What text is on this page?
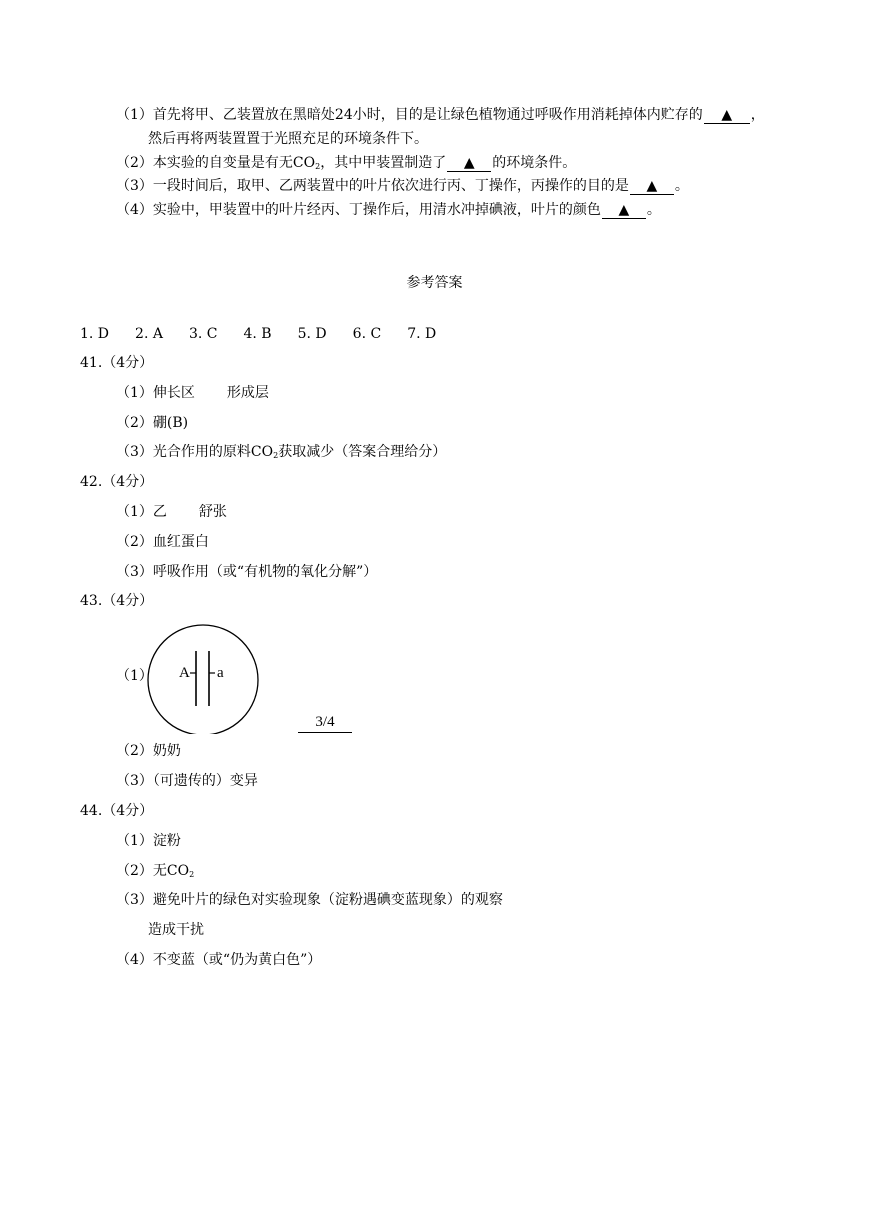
（1）首先将甲、乙装置放在黑暗处24小时，目的是让绿色植物通过呼吸作用消耗掉体内贮存的 ▲ ，
然后再将两装置置于光照充足的环境条件下。
（2）本实验的自变量是有无$CO_2$，其中甲装置制造了 ▲ 的环境条件。
（3）一段时间后，取甲、乙两装置中的叶片依次进行丙、丁操作，丙操作的目的是 ▲ 。
（4）实验中，甲装置中的叶片经丙、丁操作后，用清水冲掉碘液，叶片的颜色 ▲ 。
参考答案
1. D 2. A 3. C 4. B 5. D 6. C 7. D
41.（4分）
（1）伸长区 形成层
（2）硼(B)
（3）光合作用的原料$CO_2$获取减少（答案合理给分）
42.（4分）
（1）乙 舒张
（2）血红蛋白
（3）呼吸作用（或“有机物的氧化分解”）
43.（4分）
（1） A a
3/4
（2）奶奶
（3）（可遗传的）变异
44.（4分）
（1）淀粉
（2）无$CO_2$
（3）避免叶片的绿色对实验现象（淀粉遇碘变蓝现象）的观察
造成干扰
（4）不变蓝（或“仍为黄白色”）
